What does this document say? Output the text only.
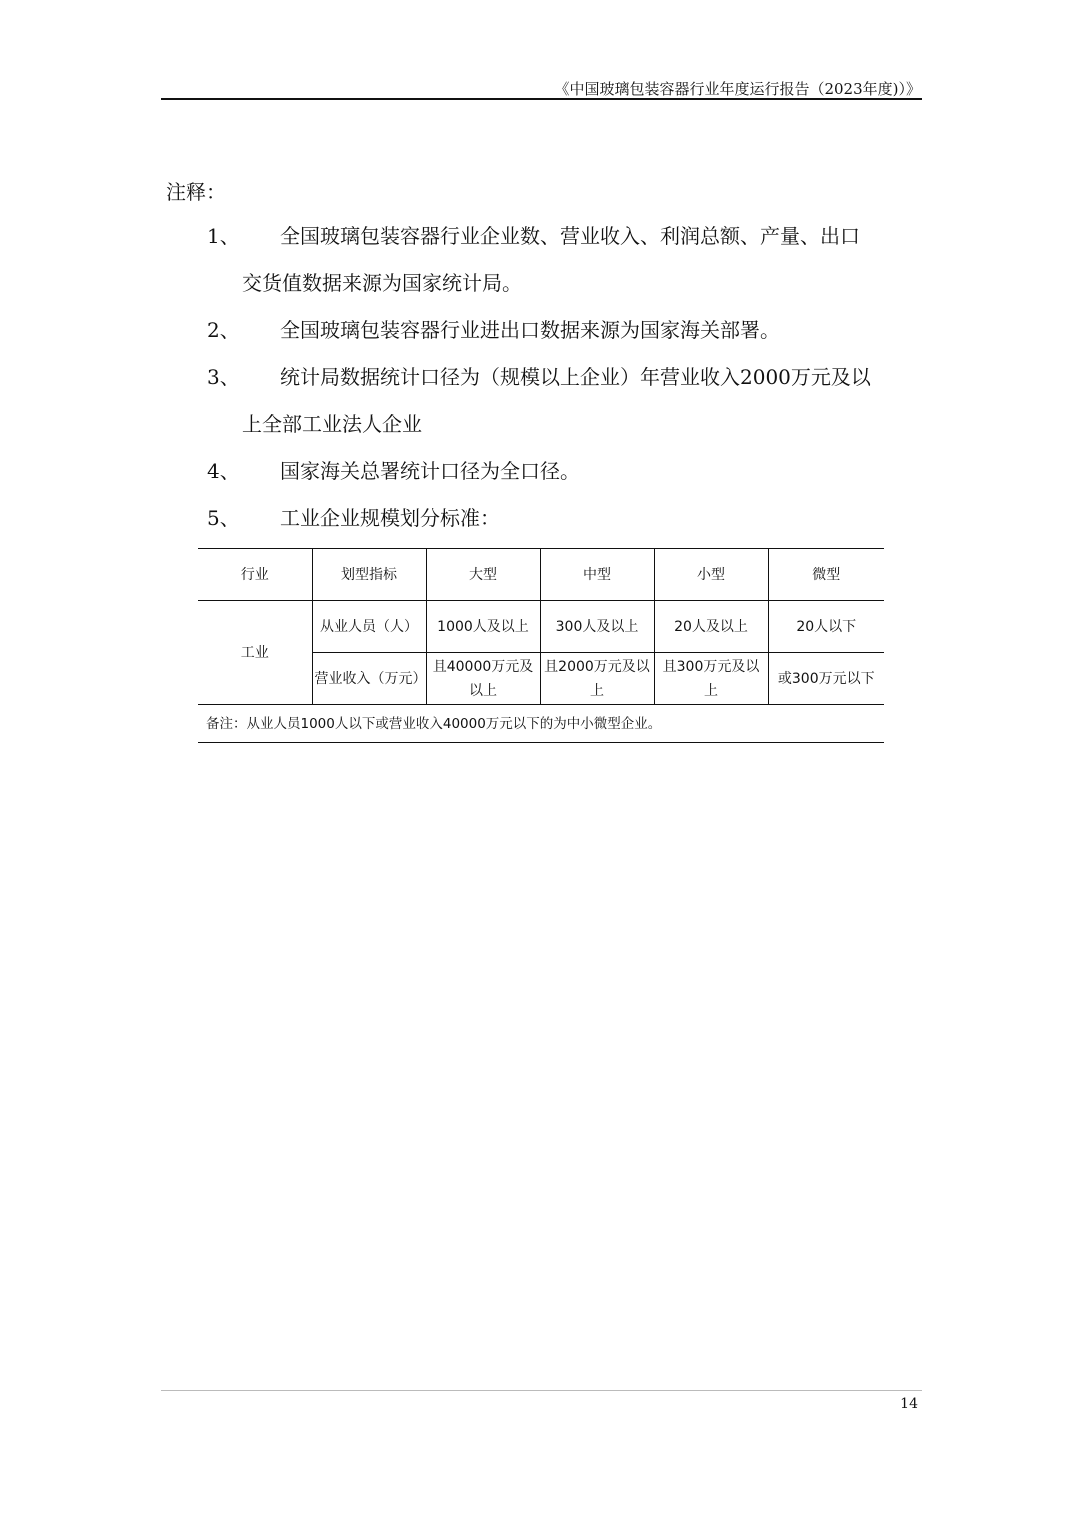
《中国玻璃包装容器行业年度运行报告（2023年度)）》
注释：
1、 全国玻璃包装容器行业企业数、营业收入、利润总额、产量、出口
交货值数据来源为国家统计局。
2、 全国玻璃包装容器行业进出口数据来源为国家海关部署。
3、 统计局数据统计口径为（规模以上企业）年营业收入2000万元及以
上全部工业法人企业
4、 国家海关总署统计口径为全口径。
5、 工业企业规模划分标准：
行业	划型指标	大型	中型	小型	微型
工业	从业人员（人）	1000人及以上	300人及以上	20人及以上	20人以下
	营业收入（万元）	且40000万元及以上	且2000万元及以上	且300万元及以上	或300万元以下
备注：从业人员1000人以下或营业收入40000万元以下的为中小微型企业。					
14
